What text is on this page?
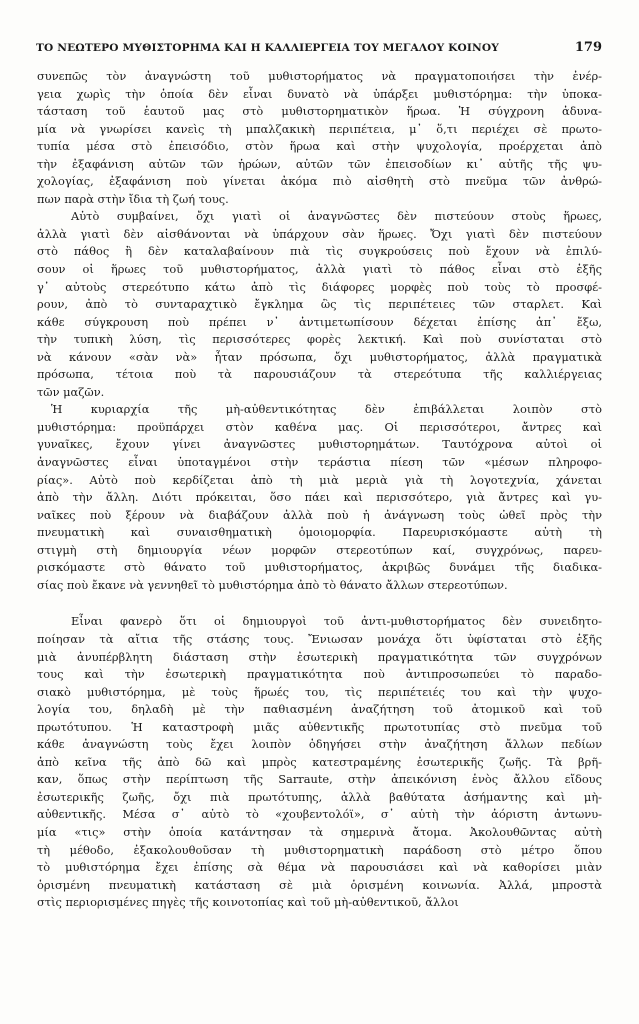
ΤΟ ΝΕΩΤΕΡΟ ΜΥΘΙΣΤΟΡΗΜΑ ΚΑΙ Η ΚΑΛΛΙΕΡΓΕΙΑ ΤΟΥ ΜΕΓΑΛΟΥ ΚΟΙΝΟΥ	179
συνεπῶς τὸν ἀναγνώστη τοῦ μυθιστορήματος νὰ πραγματοποιήσει τὴν ἐνέρ-
γεια χωρὶς τὴν ὁποία δὲν εἶναι δυνατὸ νὰ ὑπάρξει μυθιστόρημα: τὴν ὑποκα-
τάσταση τοῦ ἑαυτοῦ μας στὸ μυθιστορηματικὸν ἥρωα. Ἡ σύγχρονη ἀδυνα-
μία νὰ γνωρίσει κανεὶς τὴ μπαλζακικὴ περιπέτεια, μ᾿ ὅ,τι περιέχει σὲ πρωτο-
τυπία μέσα στὸ ἐπεισόδιο, στὸν ἥρωα καὶ στὴν ψυχολογία, προέρχεται ἀπὸ
τὴν ἐξαφάνιση αὐτῶν τῶν ἡρώων, αὐτῶν τῶν ἐπεισοδίων κι᾿ αὐτῆς τῆς ψυ-
χολογίας, ἐξαφάνιση ποὺ γίνεται ἀκόμα πιὸ αἰσθητὴ στὸ πνεῦμα τῶν ἀνθρώ-
πων παρὰ στὴν ἴδια τὴ ζωή τους.
Αὐτὸ συμβαίνει, ὄχι γιατὶ οἱ ἀναγνῶστες δὲν πιστεύουν στοὺς ἥρωες,
ἀλλὰ γιατὶ δὲν αἰσθάνονται νὰ ὑπάρχουν σὰν ἥρωες. Ὄχι γιατὶ δὲν πιστεύουν
στὸ πάθος ἢ δὲν καταλαβαίνουν πιὰ τὶς συγκρούσεις ποὺ ἔχουν νὰ ἐπιλύ-
σουν οἱ ἥρωες τοῦ μυθιστορήματος, ἀλλὰ γιατὶ τὸ πάθος εἶναι στὸ ἑξῆς
γ᾿ αὐτοὺς στερεότυπο κάτω ἀπὸ τὶς διάφορες μορφὲς ποὺ τοὺς τὸ προσφέ-
ρουν, ἀπὸ τὸ συνταραχτικὸ ἔγκλημα ὣς τὶς περιπέτειες τῶν σταρλετ. Καὶ
κάθε σύγκρουση ποὺ πρέπει ν᾿ ἀντιμετωπίσουν δέχεται ἐπίσης ἀπ᾿ ἔξω,
τὴν τυπικὴ λύση, τὶς περισσότερες φορὲς λεκτική. Καὶ ποὺ συνίσταται στὸ
νὰ κάνουν «σὰν νὰ» ἦταν πρόσωπα, ὄχι μυθιστορήματος, ἀλλὰ πραγματικὰ
πρόσωπα, τέτοια ποὺ τὰ παρουσιάζουν τὰ στερεότυπα τῆς καλλιέργειας
τῶν μαζῶν.
Ἡ κυριαρχία τῆς μὴ-αὐθεντικότητας δὲν ἐπιβάλλεται λοιπὸν στὸ
μυθιστόρημα: προϋπάρχει στὸν καθένα μας. Οἱ περισσότεροι, ἄντρες καὶ
γυναῖκες, ἔχουν γίνει ἀναγνῶστες μυθιστορημάτων. Ταυτόχρονα αὐτοὶ οἱ
ἀναγνῶστες εἶναι ὑποταγμένοι στὴν τεράστια πίεση τῶν «μέσων πληροφο-
ρίας». Αὐτὸ ποὺ κερδίζεται ἀπὸ τὴ μιὰ μεριὰ γιὰ τὴ λογοτεχνία, χάνεται
ἀπὸ τὴν ἄλλη. Διότι πρόκειται, ὅσο πάει καὶ περισσότερο, γιὰ ἄντρες καὶ γυ-
ναῖκες ποὺ ξέρουν νὰ διαβάζουν ἀλλὰ ποὺ ἡ ἀνάγνωση τοὺς ὠθεῖ πρὸς τὴν
πνευματικὴ καὶ συναισθηματικὴ ὁμοιομορφία. Παρευρισκόμαστε αὐτὴ τὴ
στιγμὴ στὴ δημιουργία νέων μορφῶν στερεοτύπων καί, συγχρόνως, παρευ-
ρισκόμαστε στὸ θάνατο τοῦ μυθιστορήματος, ἀκριβῶς δυνάμει τῆς διαδικα-
σίας ποὺ ἔκανε νὰ γεννηθεῖ τὸ μυθιστόρημα ἀπὸ τὸ θάνατο ἄλλων στερεοτύπων.
Εἶναι φανερὸ ὅτι οἱ δημιουργοὶ τοῦ ἀντι-μυθιστορήματος δὲν συνειδητο-
ποίησαν τὰ αἴτια τῆς στάσης τους. Ἔνιωσαν μονάχα ὅτι ὑφίσταται στὸ ἑξῆς
μιὰ ἀνυπέρβλητη διάσταση στὴν ἐσωτερικὴ πραγματικότητα τῶν συγχρόνων
τους καὶ τὴν ἐσωτερικὴ πραγματικότητα ποὺ ἀντιπροσωπεύει τὸ παραδο-
σιακὸ μυθιστόρημα, μὲ τοὺς ἥρωές του, τὶς περιπέτειές του καὶ τὴν ψυχο-
λογία του, δηλαδὴ μὲ τὴν παθιασμένη ἀναζήτηση τοῦ ἀτομικοῦ καὶ τοῦ
πρωτότυπου. Ἡ καταστροφὴ μιᾶς αὐθεντικῆς πρωτοτυπίας στὸ πνεῦμα τοῦ
κάθε ἀναγνώστη τοὺς ἔχει λοιπὸν ὁδηγήσει στὴν ἀναζήτηση ἄλλων πεδίων
ἀπὸ κεῖνα τῆς ἀπὸ δῶ καὶ μπρὸς κατεστραμένης ἐσωτερικῆς ζωῆς. Τὰ βρῆ-
καν, ὅπως στὴν περίπτωση τῆς Sarraute, στὴν ἀπεικόνιση ἑνὸς ἄλλου εἴδους
ἐσωτερικῆς ζωῆς, ὄχι πιὰ πρωτότυπης, ἀλλὰ βαθύτατα ἀσήμαντης καὶ μὴ-
αὐθεντικῆς. Μέσα σ᾿ αὐτὸ τὸ «χουβεντολόϊ», σ᾿ αὐτὴ τὴν ἀόριστη ἀντωνυ-
μία «τις» στὴν ὁποία κατάντησαν τὰ σημερινὰ ἄτομα. Ἀκολουθῶντας αὐτὴ
τὴ μέθοδο, ἐξακολουθοῦσαν τὴ μυθιστορηματικὴ παράδοση στὸ μέτρο ὅπου
τὸ μυθιστόρημα ἔχει ἐπίσης σὰ θέμα νὰ παρουσιάσει καὶ νὰ καθορίσει μιὰν
ὁρισμένη πνευματικὴ κατάσταση σὲ μιὰ ὁρισμένη κοινωνία. Ἀλλά, μπροστὰ
στὶς περιορισμένες πηγὲς τῆς κοινοτοπίας καὶ τοῦ μὴ-αὐθεντικοῦ, ἄλλοι
